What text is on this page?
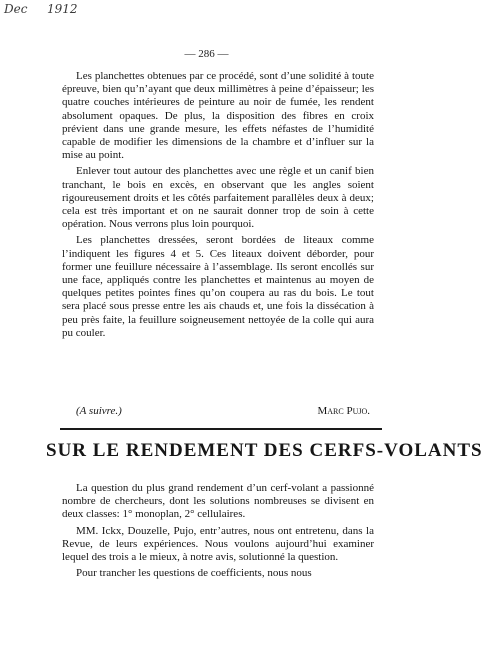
Dec 1912
— 286 —

Les planchettes obtenues par ce procédé, sont d’une solidité à toute épreuve, bien qu’n’ayant que deux millimètres à peine d’épaisseur; les quatre couches intérieures de peinture au noir de fumée, les rendent absolument opaques. De plus, la disposition des fibres en croix prévient dans une grande mesure, les effets néfastes de l’humidité capable de modifier les dimensions de la chambre et d’influer sur la mise au point.

Enlever tout autour des planchettes avec une règle et un canif bien tranchant, le bois en excès, en observant que les angles soient rigoureusement droits et les côtés parfaitement parallèles deux à deux; cela est très important et on ne saurait donner trop de soin à cette opération. Nous verrons plus loin pourquoi.

Les planchettes dressées, seront bordées de liteaux comme l’indiquent les figures 4 et 5. Ces liteaux doivent déborder, pour former une feuillure nécessaire à l’assemblage. Ils seront encollés sur une face, appliqués contre les planchettes et maintenus au moyen de quelques petites pointes fines qu’on coupera au ras du bois. Le tout sera placé sous presse entre les ais chauds et, une fois la dissécation à peu près faite, la feuillure soigneusement nettoyée de la colle qui aura pu couler.

(A suivre.)	Marc Pujo.
SUR LE RENDEMENT DES CERFS-VOLANTS

La question du plus grand rendement d’un cerf-volant a passionné nombre de chercheurs, dont les solutions nombreuses se divisent en deux classes: 1° monoplan, 2° cellulaires.

MM. Ickx, Douzelle, Pujo, entr’autres, nous ont entretenu, dans la Revue, de leurs expériences. Nous voulons aujourd’hui examiner lequel des trois a le mieux, à notre avis, solutionné la question.

Pour trancher les questions de coefficients, nous nous
